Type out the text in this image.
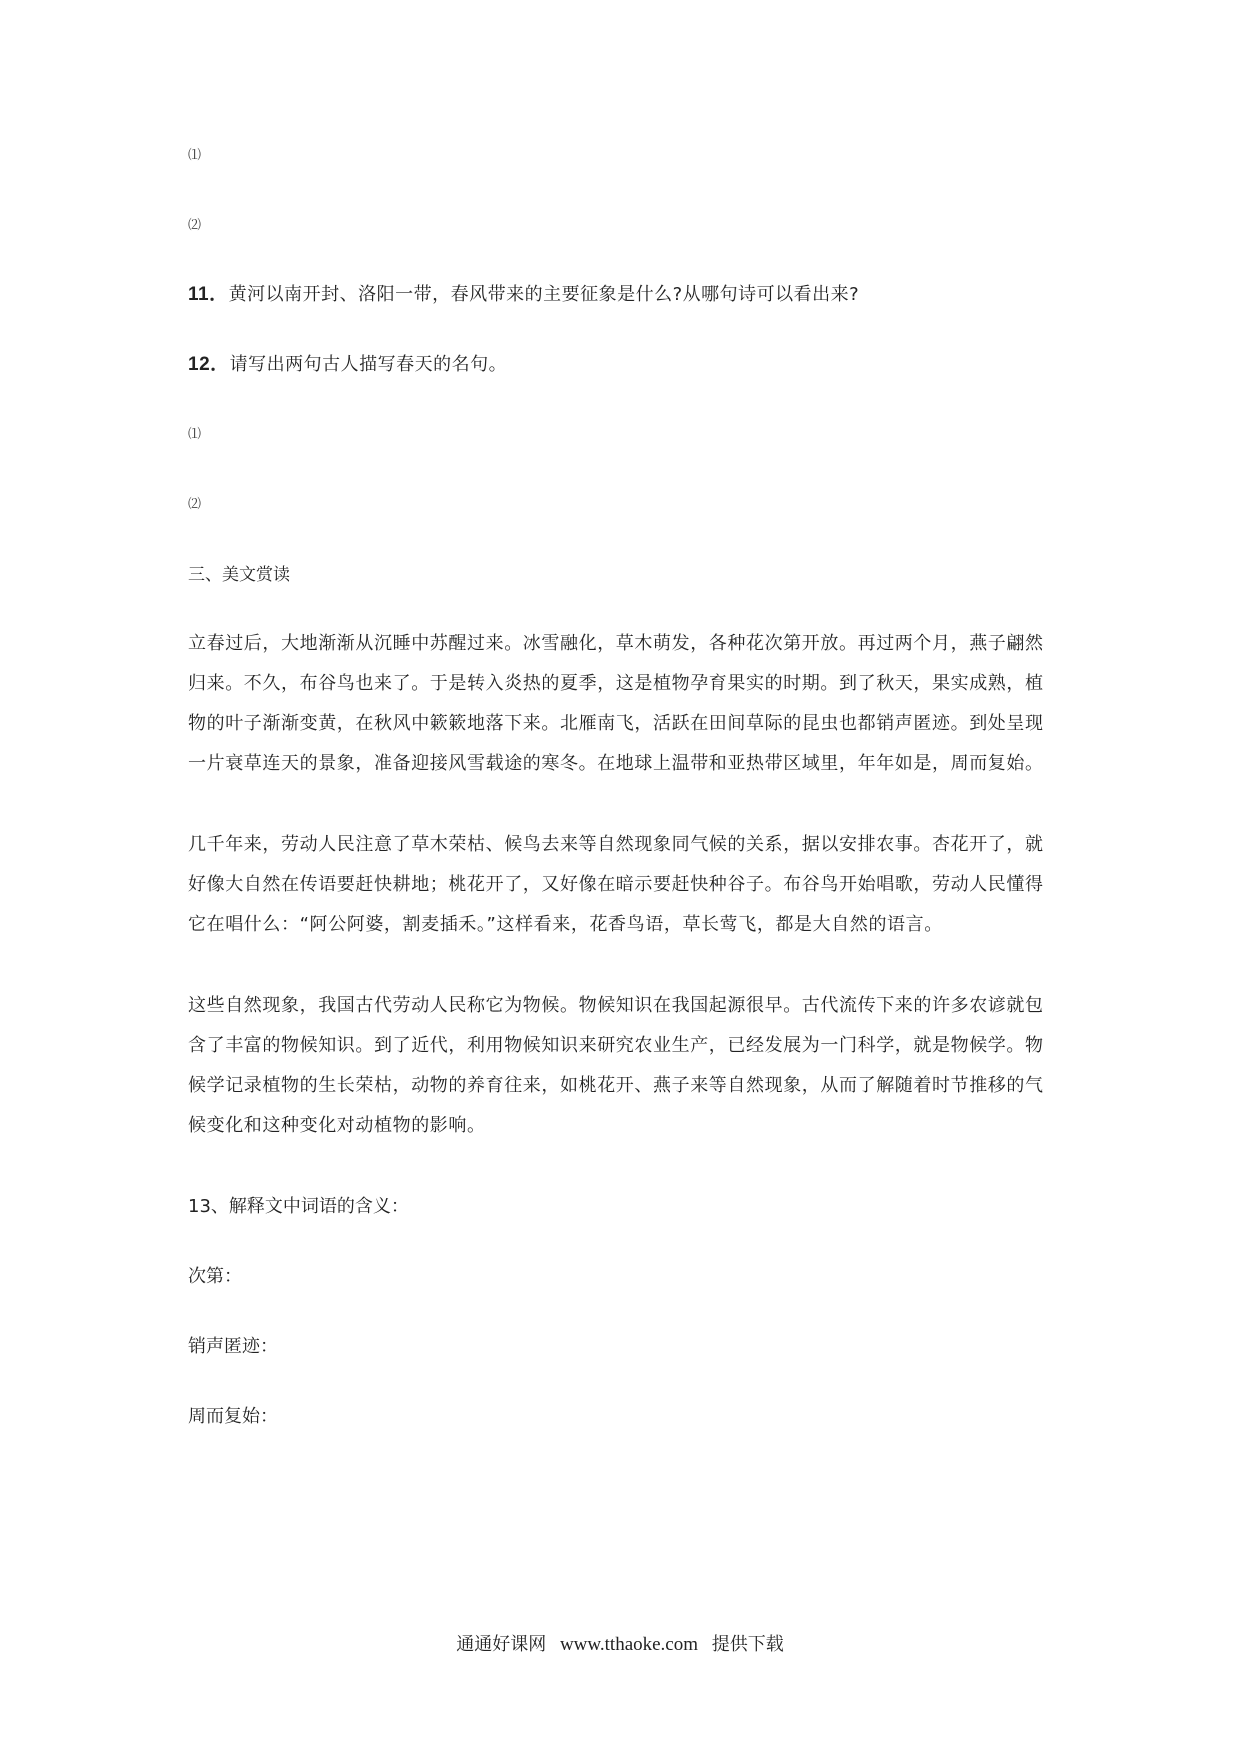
⑴
⑵
11．黄河以南开封、洛阳一带，春风带来的主要征象是什么?从哪句诗可以看出来?
12．请写出两句古人描写春天的名句。
⑴
⑵
三、美文赏读
立春过后，大地渐渐从沉睡中苏醒过来。冰雪融化，草木萌发，各种花次第开放。再过两个月，燕子翩然
归来。不久，布谷鸟也来了。于是转入炎热的夏季，这是植物孕育果实的时期。到了秋天，果实成熟，植
物的叶子渐渐变黄，在秋风中簌簌地落下来。北雁南飞，活跃在田间草际的昆虫也都销声匿迹。到处呈现
一片衰草连天的景象，准备迎接风雪载途的寒冬。在地球上温带和亚热带区域里，年年如是，周而复始。
几千年来，劳动人民注意了草木荣枯、候鸟去来等自然现象同气候的关系，据以安排农事。杏花开了，就
好像大自然在传语要赶快耕地；桃花开了，又好像在暗示要赶快种谷子。布谷鸟开始唱歌，劳动人民懂得
它在唱什么：“阿公阿婆，割麦插禾。”这样看来，花香鸟语，草长莺飞，都是大自然的语言。
这些自然现象，我国古代劳动人民称它为物候。物候知识在我国起源很早。古代流传下来的许多农谚就包
含了丰富的物候知识。到了近代，利用物候知识来研究农业生产，已经发展为一门科学，就是物候学。物
候学记录植物的生长荣枯，动物的养育往来，如桃花开、燕子来等自然现象，从而了解随着时节推移的气
候变化和这种变化对动植物的影响。
13、解释文中词语的含义：
次第：
销声匿迹：
周而复始：
通通好课网 www.tthaoke.com 提供下载
